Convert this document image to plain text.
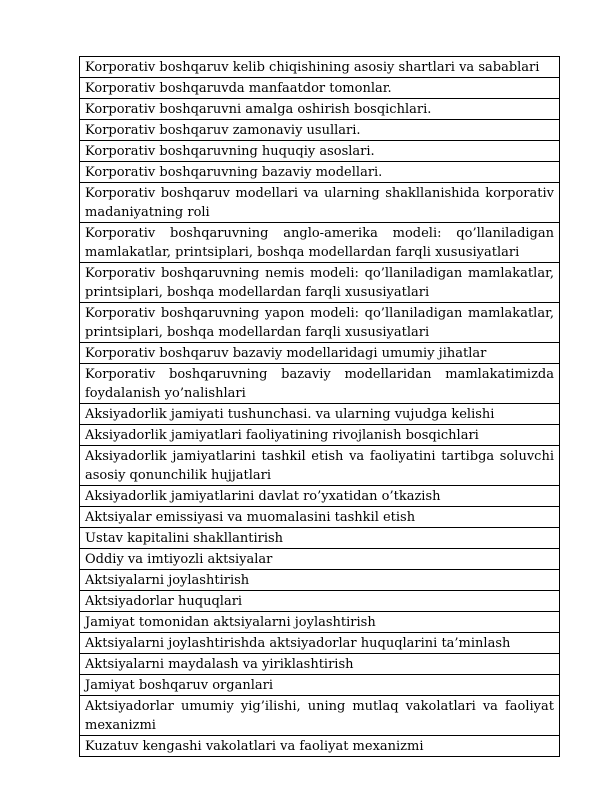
Korporativ boshqaruv kelib chiqishining asosiy shartlari va sabablari
Korporativ boshqaruvda manfaatdor tomonlar.
Korporativ boshqaruvni amalga oshirish bosqichlari.
Korporativ boshqaruv zamonaviy usullari.
Korporativ boshqaruvning huquqiy asoslari.
Korporativ boshqaruvning bazaviy modellari.
Korporativ boshqaruv modellari va ularning shakllanishida korporativ madaniyatning roli
Korporativ boshqaruvning anglo-amerika modeli: qo’llaniladigan mamlakatlar, printsiplari, boshqa modellardan farqli xususiyatlari
Korporativ boshqaruvning nemis modeli: qo’llaniladigan mamlakatlar, printsiplari, boshqa modellardan farqli xususiyatlari
Korporativ boshqaruvning yapon modeli: qo’llaniladigan mamlakatlar, printsiplari, boshqa modellardan farqli xususiyatlari
Korporativ boshqaruv bazaviy modellaridagi umumiy jihatlar
Korporativ boshqaruvning bazaviy modellaridan mamlakatimizda foydalanish yo’nalishlari
Aksiyadorlik jamiyati tushunchasi. va ularning vujudga kelishi
Aksiyadorlik jamiyatlari faoliyatining rivojlanish bosqichlari
Aksiyadorlik jamiyatlarini tashkil etish va faoliyatini tartibga soluvchi asosiy qonunchilik hujjatlari
Aksiyadorlik jamiyatlarini davlat ro’yxatidan o’tkazish
Aktsiyalar emissiyasi va muomalasini tashkil etish
Ustav kapitalini shakllantirish
Oddiy va imtiyozli aktsiyalar
Aktsiyalarni joylashtirish
Aktsiyadorlar huquqlari
Jamiyat tomonidan aktsiyalarni joylashtirish
Aktsiyalarni joylashtirishda aktsiyadorlar huquqlarini ta’minlash
Aktsiyalarni maydalash va yiriklashtirish
Jamiyat boshqaruv organlari
Aktsiyadorlar umumiy yig’ilishi, uning mutlaq vakolatlari va faoliyat mexanizmi
Kuzatuv kengashi vakolatlari va faoliyat mexanizmi
